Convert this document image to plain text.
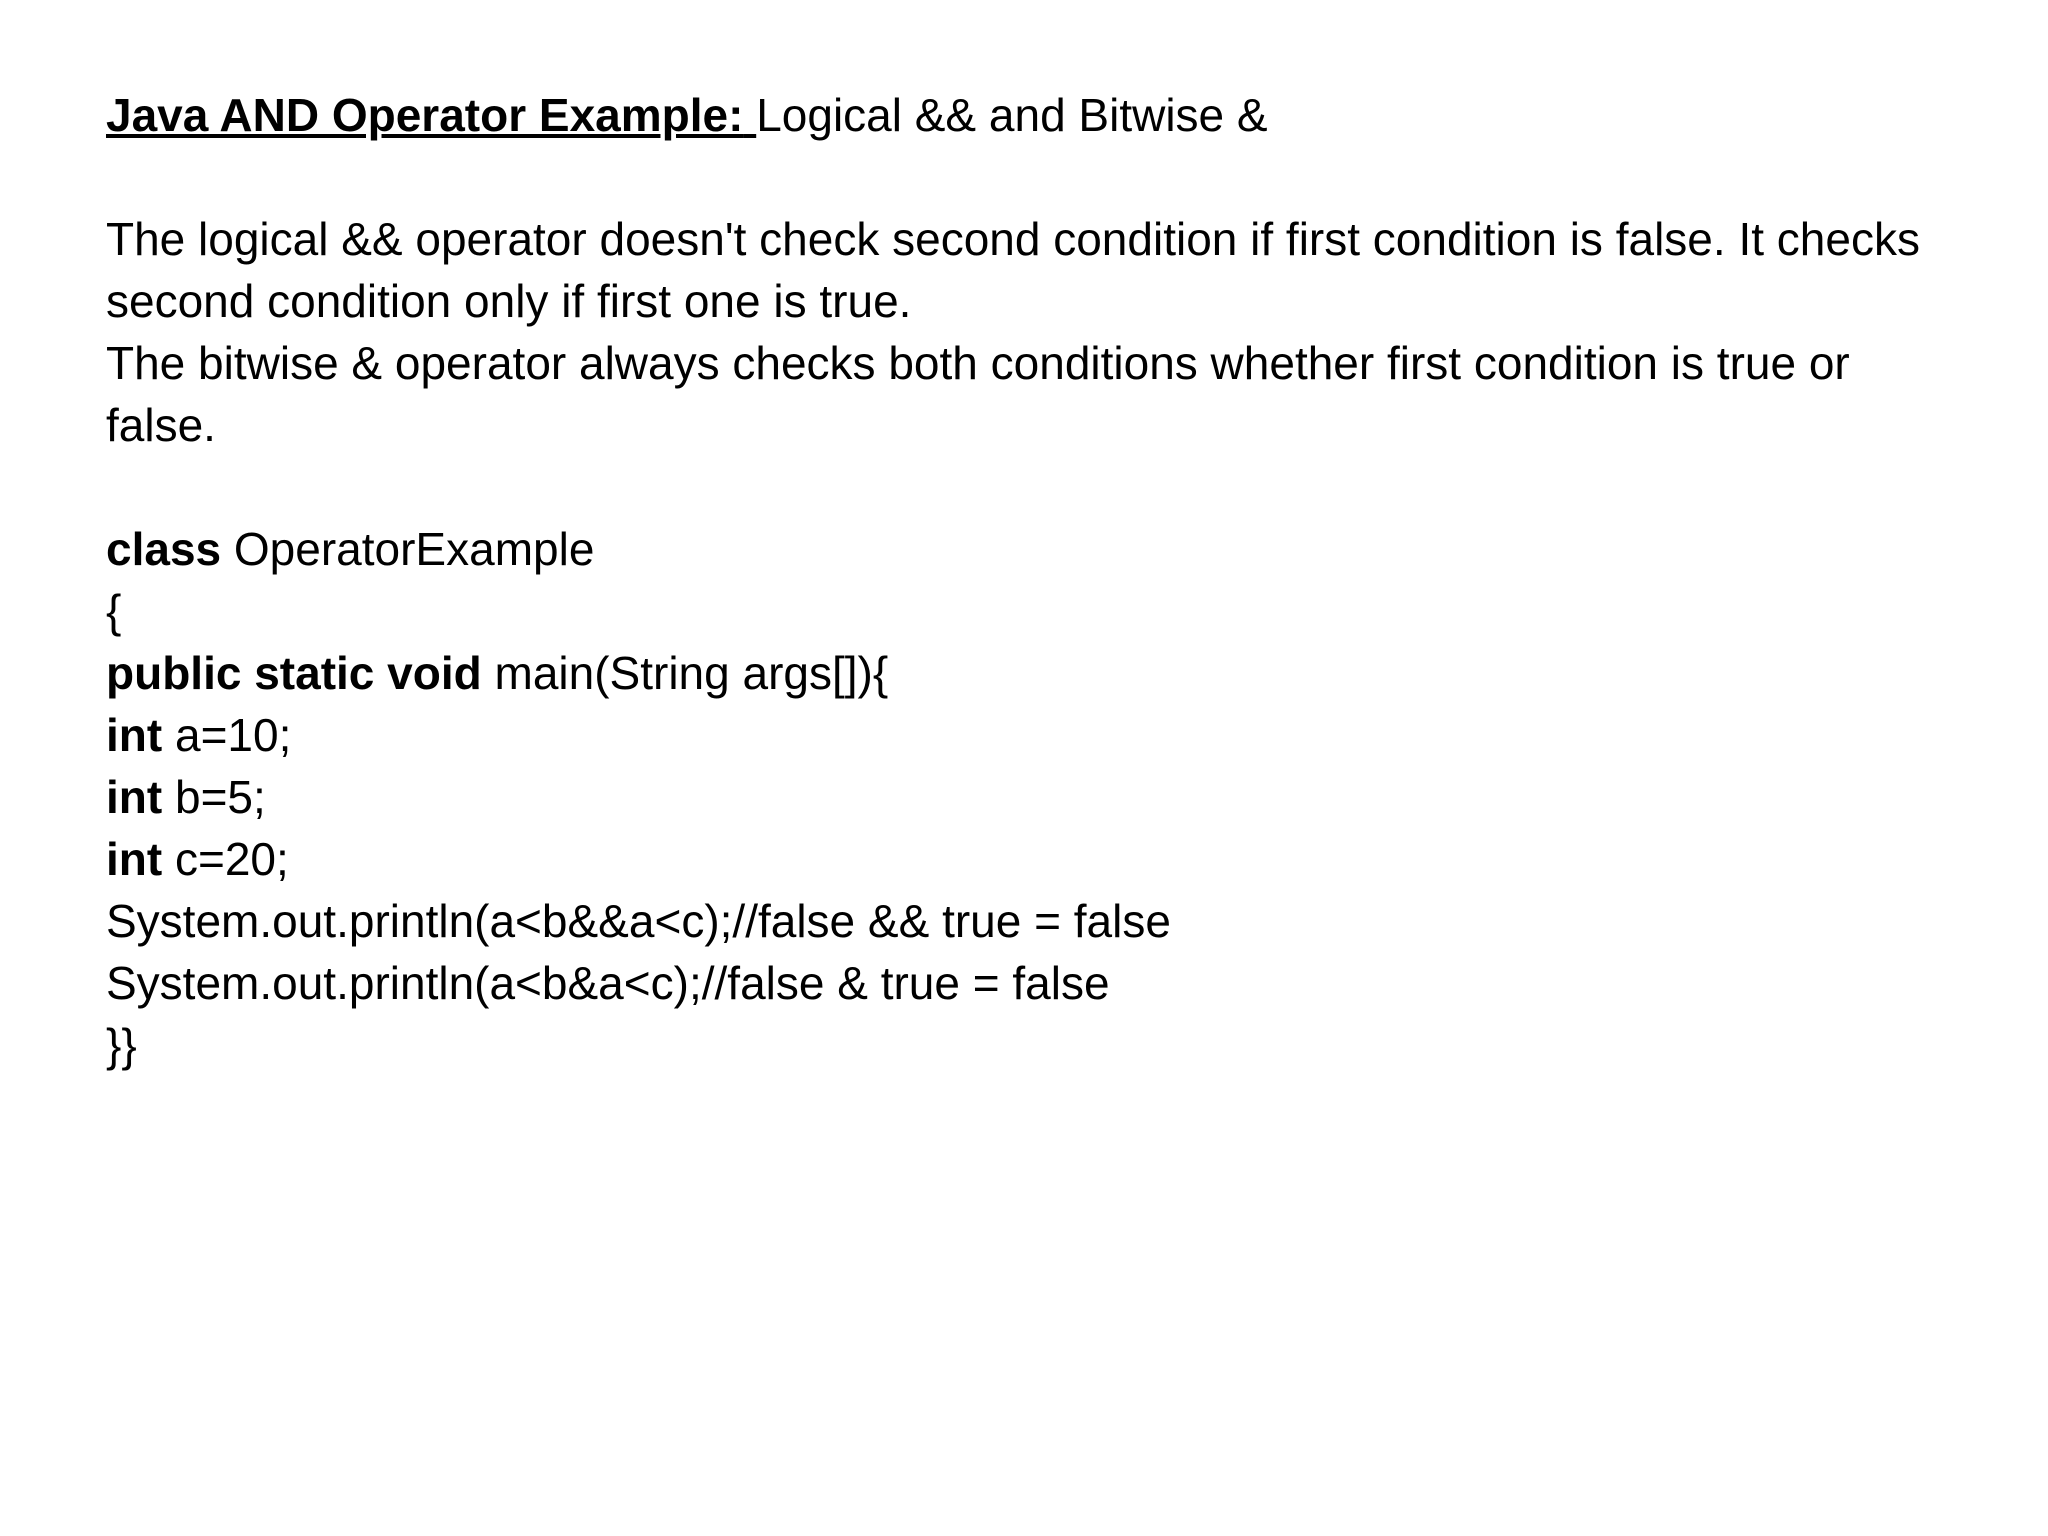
Java AND Operator Example: Logical && and Bitwise &
The logical && operator doesn't check second condition if first condition is false. It checks second condition only if first one is true.
The bitwise & operator always checks both conditions whether first condition is true or false.
class OperatorExample
{
public static void main(String args[]){
int a=10;
int b=5;
int c=20;
System.out.println(a<b&&a<c);//false && true = false
System.out.println(a<b&a<c);//false & true = false
}}
